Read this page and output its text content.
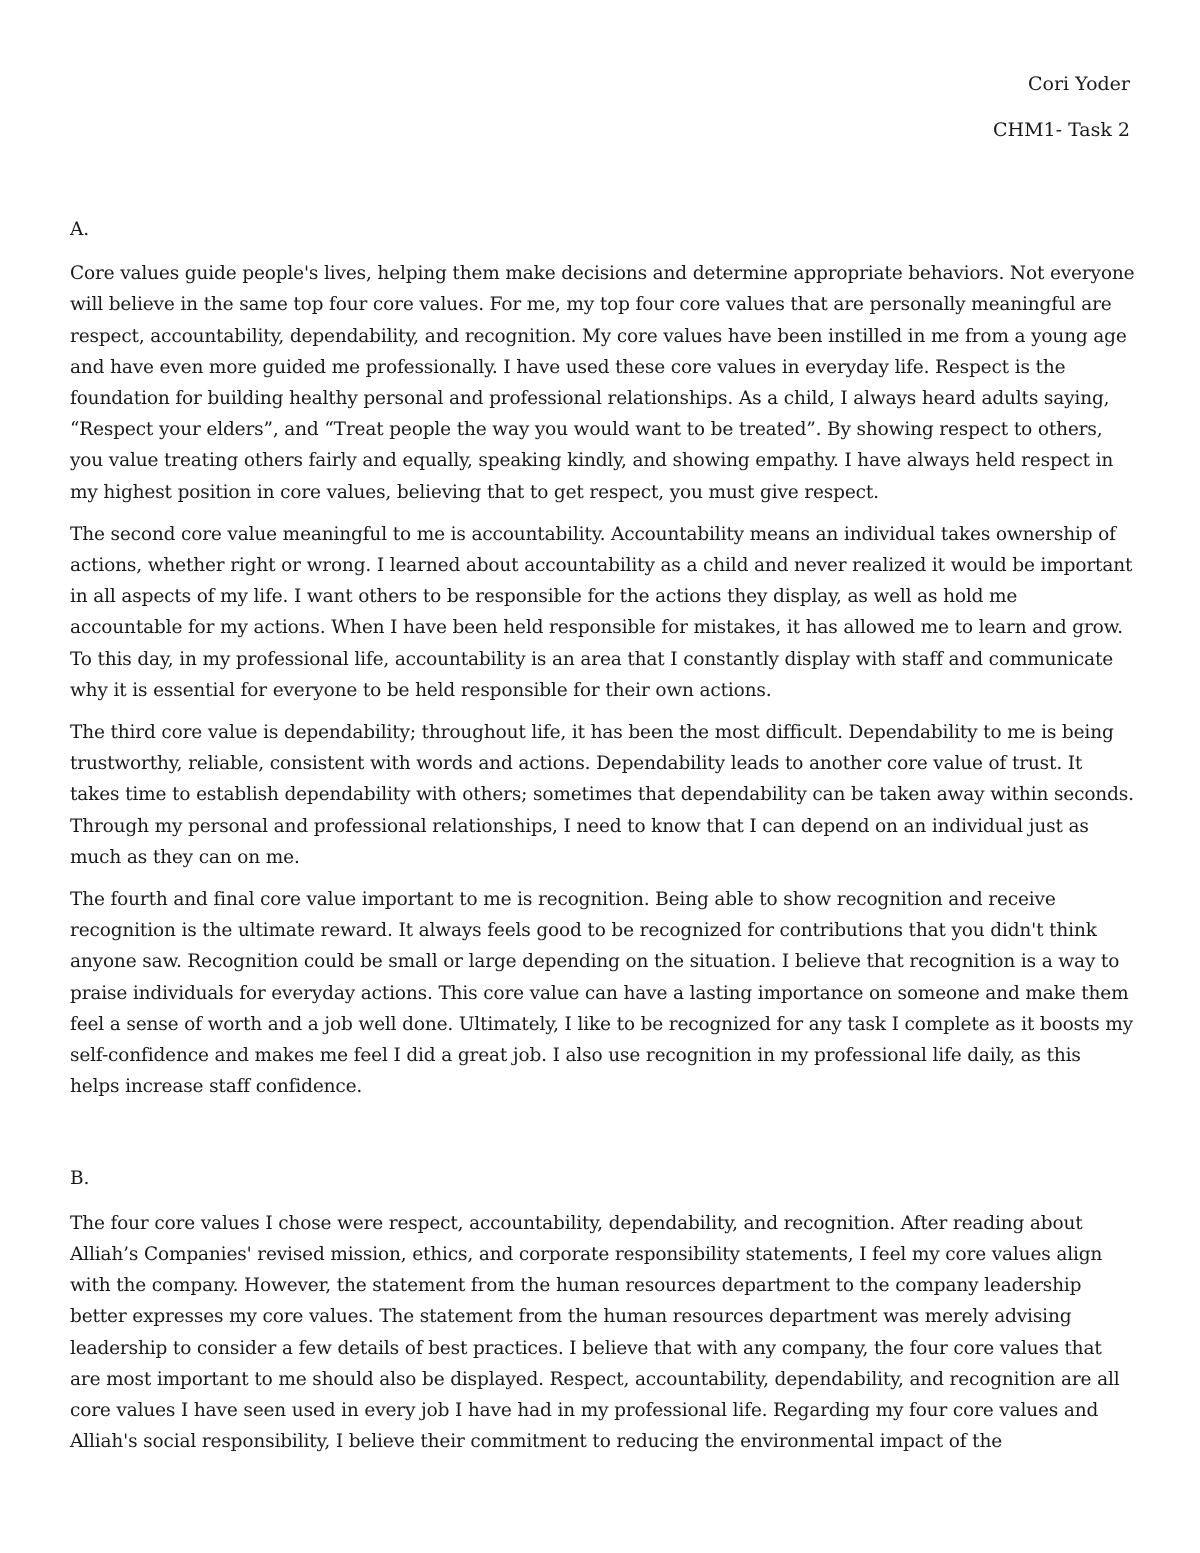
Cori Yoder
CHM1- Task 2
A.

Core values guide people's lives, helping them make decisions and determine appropriate behaviors. Not everyone will believe in the same top four core values. For me, my top four core values that are personally meaningful are respect, accountability, dependability, and recognition. My core values have been instilled in me from a young age and have even more guided me professionally. I have used these core values in everyday life. Respect is the foundation for building healthy personal and professional relationships. As a child, I always heard adults saying, “Respect your elders”, and “Treat people the way you would want to be treated”. By showing respect to others, you value treating others fairly and equally, speaking kindly, and showing empathy. I have always held respect in my highest position in core values, believing that to get respect, you must give respect.

The second core value meaningful to me is accountability. Accountability means an individual takes ownership of actions, whether right or wrong. I learned about accountability as a child and never realized it would be important in all aspects of my life. I want others to be responsible for the actions they display, as well as hold me accountable for my actions. When I have been held responsible for mistakes, it has allowed me to learn and grow. To this day, in my professional life, accountability is an area that I constantly display with staff and communicate why it is essential for everyone to be held responsible for their own actions.

The third core value is dependability; throughout life, it has been the most difficult. Dependability to me is being trustworthy, reliable, consistent with words and actions. Dependability leads to another core value of trust. It takes time to establish dependability with others; sometimes that dependability can be taken away within seconds. Through my personal and professional relationships, I need to know that I can depend on an individual just as much as they can on me.

The fourth and final core value important to me is recognition. Being able to show recognition and receive recognition is the ultimate reward. It always feels good to be recognized for contributions that you didn't think anyone saw. Recognition could be small or large depending on the situation. I believe that recognition is a way to praise individuals for everyday actions. This core value can have a lasting importance on someone and make them feel a sense of worth and a job well done. Ultimately, I like to be recognized for any task I complete as it boosts my self-confidence and makes me feel I did a great job. I also use recognition in my professional life daily, as this helps increase staff confidence.

B.

The four core values I chose were respect, accountability, dependability, and recognition. After reading about Alliah’s Companies' revised mission, ethics, and corporate responsibility statements, I feel my core values align with the company. However, the statement from the human resources department to the company leadership better expresses my core values. The statement from the human resources department was merely advising leadership to consider a few details of best practices. I believe that with any company, the four core values that are most important to me should also be displayed. Respect, accountability, dependability, and recognition are all core values I have seen used in every job I have had in my professional life. Regarding my four core values and Alliah's social responsibility, I believe their commitment to reducing the environmental impact of the
